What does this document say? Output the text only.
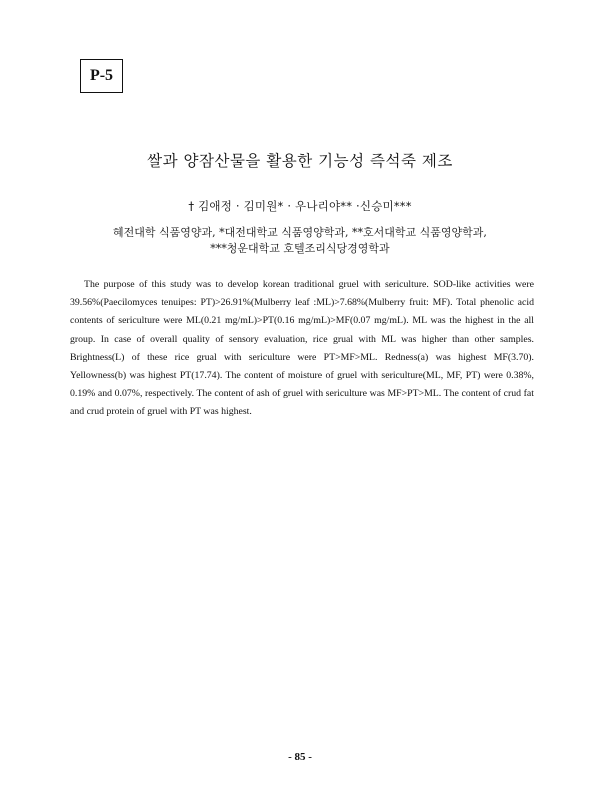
P-5
쌀과 양잠산물을 활용한 기능성 즉석죽 제조
† 김애정 · 김미원* · 우나리야** ·신승미***
혜전대학 식품영양과, *대전대학교 식품영양학과, **호서대학교 식품영양학과,
***청운대학교 호텔조리식당경영학과

The purpose of this study was to develop korean traditional gruel with sericulture. SOD-like activities were 39.56%(Paecilomyces tenuipes: PT)>26.91%(Mulberry leaf :ML)>7.68%(Mulberry fruit: MF). Total phenolic acid contents of sericulture were ML(0.21 mg/mL)>PT(0.16 mg/mL)>MF(0.07 mg/mL). ML was the highest in the all group. In case of overall quality of sensory evaluation, rice grual with ML was higher than other samples. Brightness(L) of these rice grual with sericulture were PT>MF>ML. Redness(a) was highest MF(3.70). Yellowness(b) was highest PT(17.74). The content of moisture of gruel with sericulture(ML, MF, PT) were 0.38%, 0.19% and 0.07%, respectively. The content of ash of gruel with sericulture was MF>PT>ML. The content of crud fat and crud protein of gruel with PT was highest.

- 85 -
